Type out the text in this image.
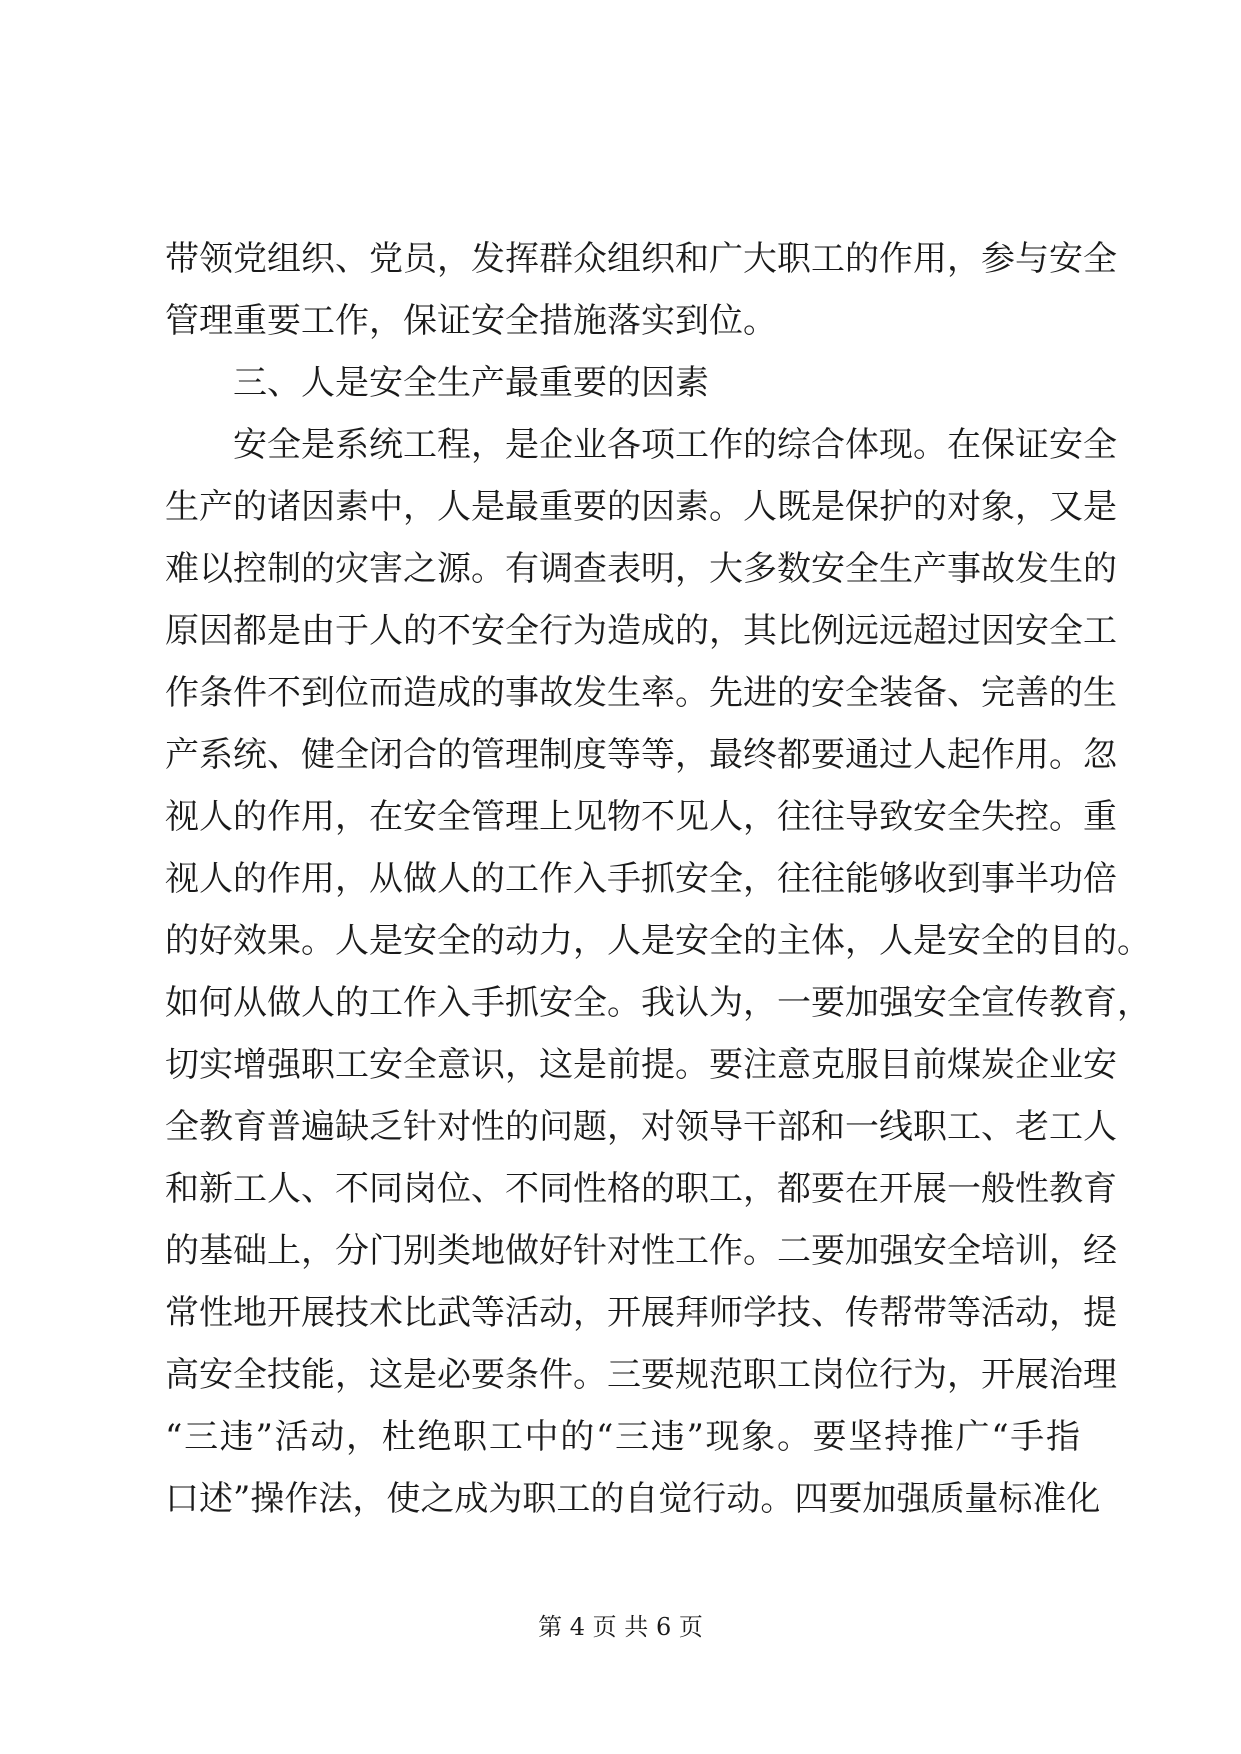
带领党组织、党员，发挥群众组织和广大职工的作用，参与安全
管理重要工作，保证安全措施落实到位。
　　三、人是安全生产最重要的因素
　　安全是系统工程，是企业各项工作的综合体现。在保证安全
生产的诸因素中，人是最重要的因素。人既是保护的对象，又是
难以控制的灾害之源。有调查表明，大多数安全生产事故发生的
原因都是由于人的不安全行为造成的，其比例远远超过因安全工
作条件不到位而造成的事故发生率。先进的安全装备、完善的生
产系统、健全闭合的管理制度等等，最终都要通过人起作用。忽
视人的作用，在安全管理上见物不见人，往往导致安全失控。重
视人的作用，从做人的工作入手抓安全，往往能够收到事半功倍
的好效果。人是安全的动力，人是安全的主体，人是安全的目的。
如何从做人的工作入手抓安全。我认为，一要加强安全宣传教育，
切实增强职工安全意识，这是前提。要注意克服目前煤炭企业安
全教育普遍缺乏针对性的问题，对领导干部和一线职工、老工人
和新工人、不同岗位、不同性格的职工，都要在开展一般性教育
的基础上，分门别类地做好针对性工作。二要加强安全培训，经
常性地开展技术比武等活动，开展拜师学技、传帮带等活动，提
高安全技能，这是必要条件。三要规范职工岗位行为，开展治理
“三违”活动，杜绝职工中的“三违”现象。要坚持推广“手指
口述”操作法，使之成为职工的自觉行动。四要加强质量标准化
第 4 页 共 6 页
